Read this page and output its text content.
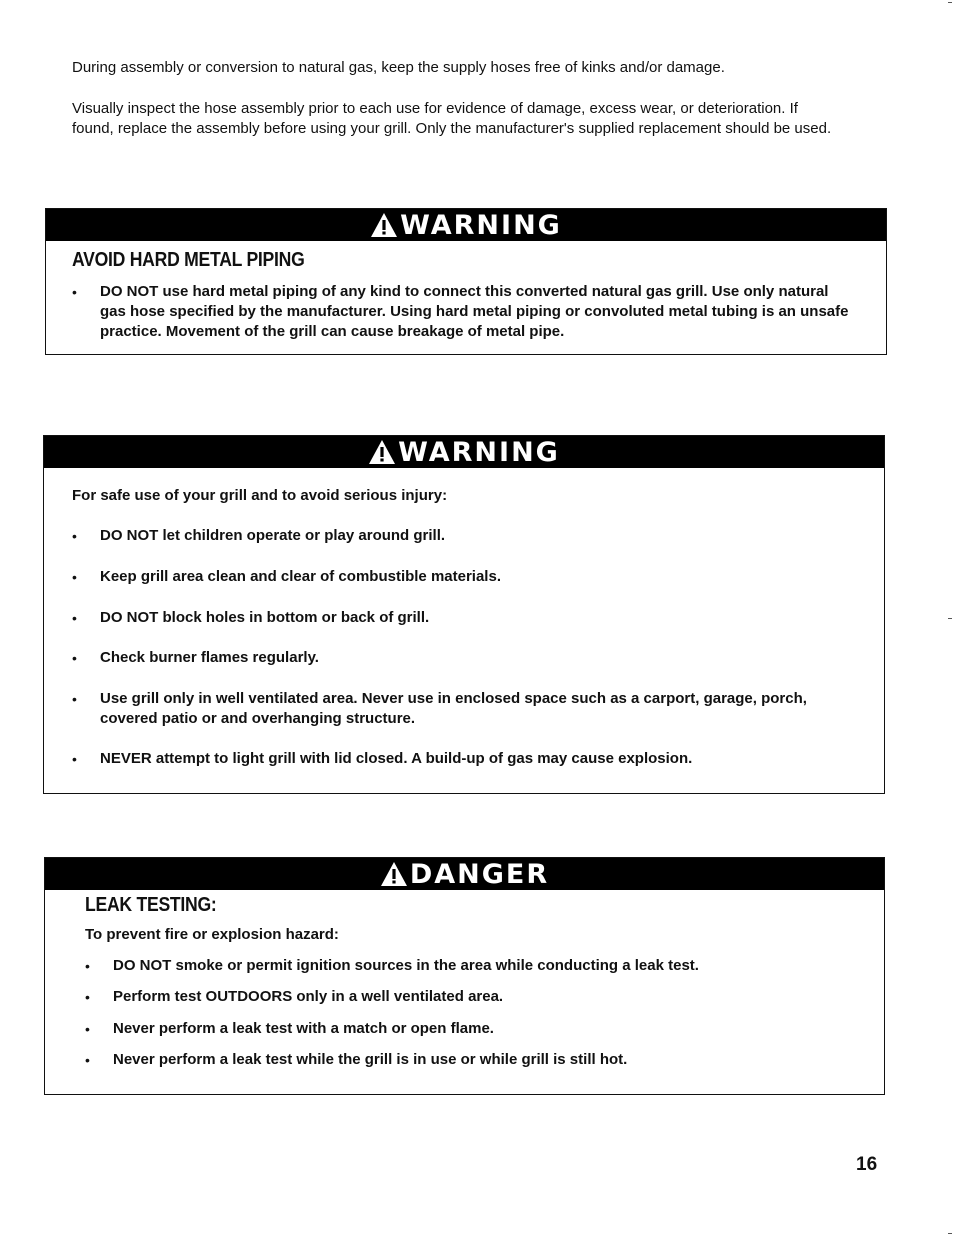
During assembly or conversion to natural gas, keep the supply hoses free of kinks and/or damage.

Visually inspect the hose assembly prior to each use for evidence of damage, excess wear, or deterioration. If found, replace the assembly before using your grill. Only the manufacturer's supplied replacement should be used.

WARNING
AVOID HARD METAL PIPING
• DO NOT use hard metal piping of any kind to connect this converted natural gas grill. Use only natural gas hose specified by the manufacturer. Using hard metal piping or convoluted metal tubing is an unsafe practice. Movement of the grill can cause breakage of metal pipe.
WARNING
For safe use of your grill and to avoid serious injury:
• DO NOT let children operate or play around grill.
• Keep grill area clean and clear of combustible materials.
• DO NOT block holes in bottom or back of grill.
• Check burner flames regularly.
• Use grill only in well ventilated area. Never use in enclosed space such as a carport, garage, porch, covered patio or and overhanging structure.
• NEVER attempt to light grill with lid closed. A build-up of gas may cause explosion.
DANGER
LEAK TESTING:
To prevent fire or explosion hazard:
• DO NOT smoke or permit ignition sources in the area while conducting a leak test.
• Perform test OUTDOORS only in a well ventilated area.
• Never perform a leak test with a match or open flame.
• Never perform a leak test while the grill is in use or while grill is still hot.
16
